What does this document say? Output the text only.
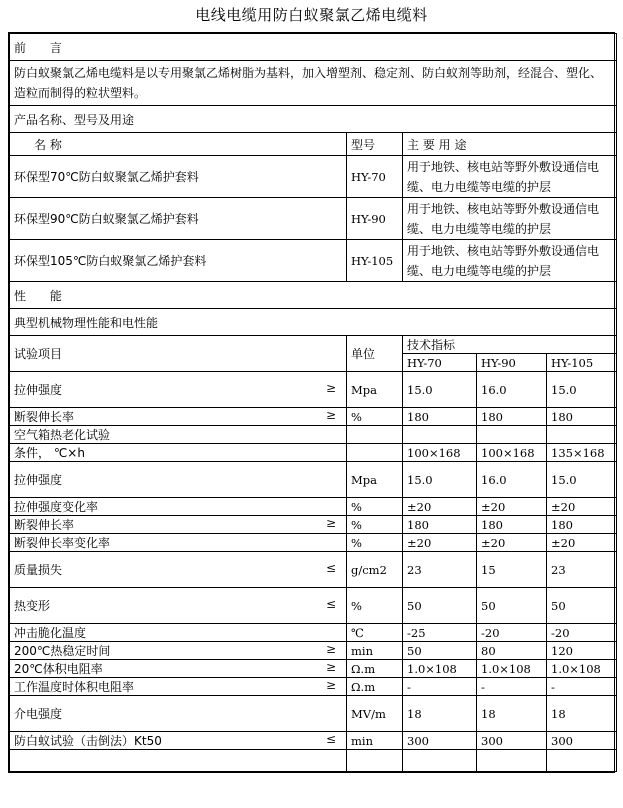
电线电缆用防白蚁聚氯乙烯电缆料
前 言		
防白蚁聚氯乙烯电缆料是以专用聚氯乙烯树脂为基料，加入增塑剂、稳定剂、防白蚁剂等助剂，经混合、塑化、造粒而制得的粒状塑料。		
产品名称、型号及用途		
名 称	型号	主 要 用 途
环保型70℃防白蚁聚氯乙烯护套料	HY-70	用于地铁、核电站等野外敷设通信电缆、电力电缆等电缆的护层
环保型90℃防白蚁聚氯乙烯护套料	HY-90	用于地铁、核电站等野外敷设通信电缆、电力电缆等电缆的护层
环保型105℃防白蚁聚氯乙烯护套料	HY-105	用于地铁、核电站等野外敷设通信电缆、电力电缆等电缆的护层
性 能		
典型机械物理性能和电性能		
试验项目	单位	技术指标		
		HY-70	HY-90	HY-105
拉伸强度 ≥	Mpa	15.0	16.0	15.0
断裂伸长率 ≥	%	180	180	180
空气箱热老化试验				
条件， ℃×h		100×168	100×168	135×168
拉伸强度	Mpa	15.0	16.0	15.0
拉伸强度变化率	%	±20	±20	±20
断裂伸长率 ≥	%	180	180	180
断裂伸长率变化率	%	±20	±20	±20
质量损失 ≤	g/cm2	23	15	23
热变形 ≤	%	50	50	50
冲击脆化温度	℃	-25	-20	-20
200℃热稳定时间 ≥	min	50	80	120
20℃体积电阻率 ≥	Ω.m	1.0×108	1.0×108	1.0×108
工作温度时体积电阻率 ≥	Ω.m	-	-	-
介电强度	MV/m	18	18	18
防白蚁试验（击倒法）Kt50 ≤	min	300	300	300
